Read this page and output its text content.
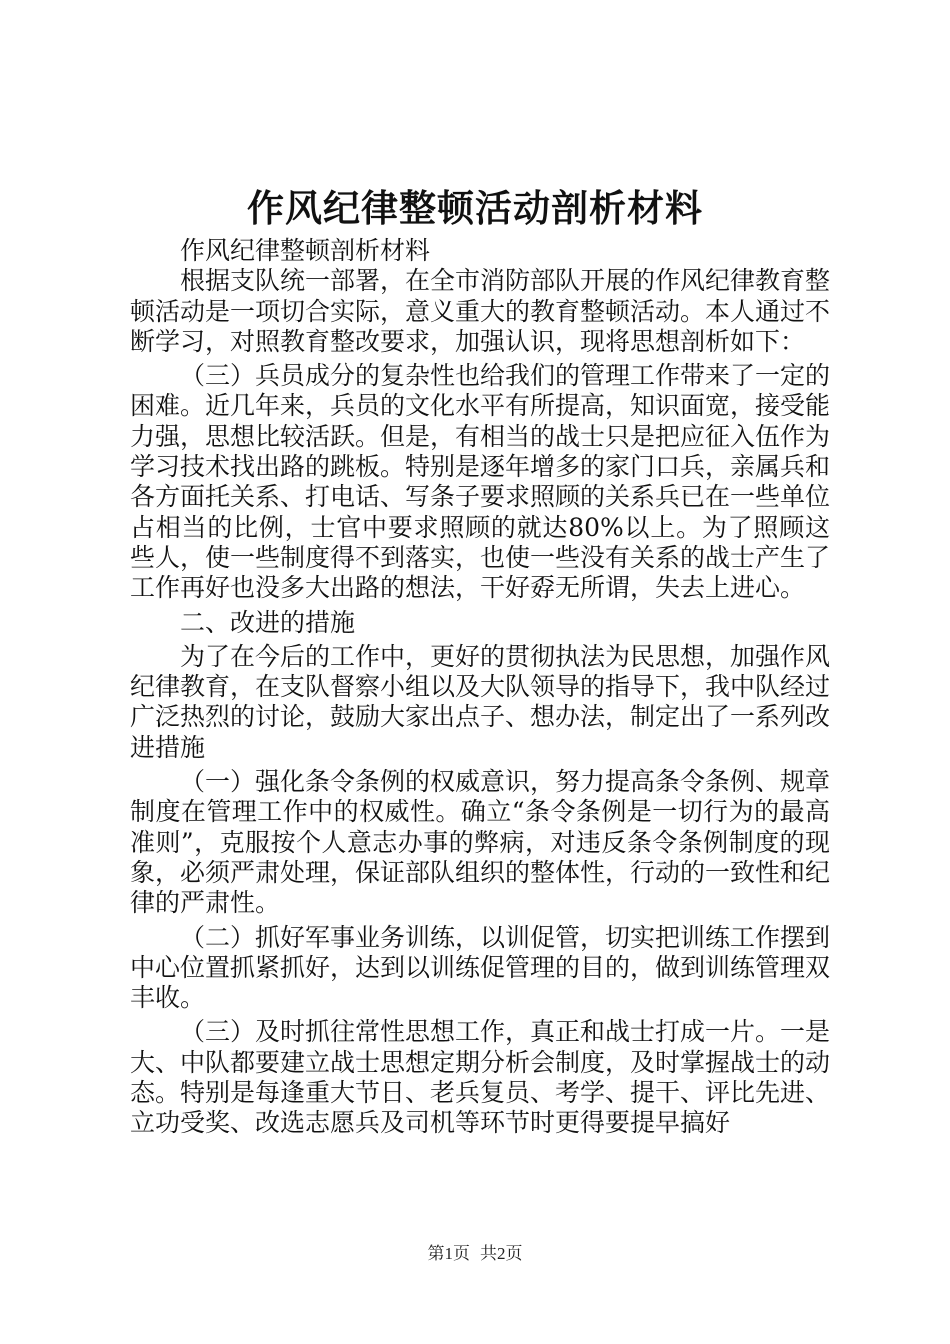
作风纪律整顿活动剖析材料

作风纪律整顿剖析材料

根据支队统一部署，在全市消防部队开展的作风纪律教育整顿活动是一项切合实际，意义重大的教育整顿活动。本人通过不断学习，对照教育整改要求，加强认识，现将思想剖析如下：

（三）兵员成分的复杂性也给我们的管理工作带来了一定的困难。近几年来，兵员的文化水平有所提高，知识面宽，接受能力强，思想比较活跃。但是，有相当的战士只是把应征入伍作为学习技术找出路的跳板。特别是逐年增多的家门口兵，亲属兵和各方面托关系、打电话、写条子要求照顾的关系兵已在一些单位占相当的比例，士官中要求照顾的就达80%以上。为了照顾这些人，使一些制度得不到落实，也使一些没有关系的战士产生了工作再好也没多大出路的想法，干好孬无所谓，失去上进心。

二、改进的措施

为了在今后的工作中，更好的贯彻执法为民思想，加强作风纪律教育，在支队督察小组以及大队领导的指导下，我中队经过广泛热烈的讨论，鼓励大家出点子、想办法，制定出了一系列改进措施

（一）强化条令条例的权威意识，努力提高条令条例、规章制度在管理工作中的权威性。确立“条令条例是一切行为的最高准则”，克服按个人意志办事的弊病，对违反条令条例制度的现象，必须严肃处理，保证部队组织的整体性，行动的一致性和纪律的严肃性。

（二）抓好军事业务训练，以训促管，切实把训练工作摆到中心位置抓紧抓好，达到以训练促管理的目的，做到训练管理双丰收。

（三）及时抓往常性思想工作，真正和战士打成一片。一是大、中队都要建立战士思想定期分析会制度，及时掌握战士的动态。特别是每逢重大节日、老兵复员、考学、提干、评比先进、立功受奖、改选志愿兵及司机等环节时更得要提早搞好

第1页 共2页
